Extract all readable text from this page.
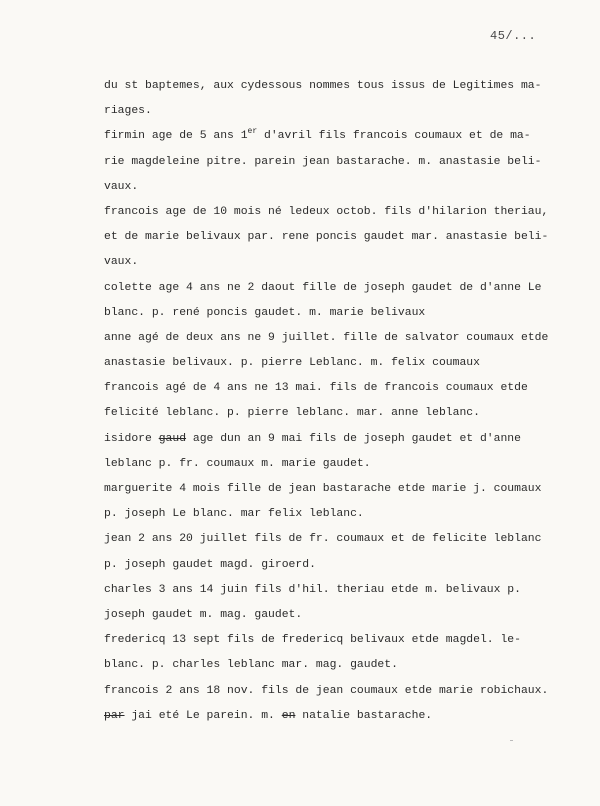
45/...
du st baptemes, aux cydessous nommes tous issus de Legitimes ma-
riages.
firmin age de 5 ans 1er d'avril fils francois coumaux et de ma-
rie magdeleine pitre. parein jean bastarache. m. anastasie beli-
vaux.
francois age de 10 mois né ledeux octob. fils d'hilarion theriau,
et de marie belivaux par. rene poncis gaudet mar. anastasie beli-
vaux.
colette age 4 ans ne 2 daout fille de joseph gaudet de d'anne Le
blanc. p. rené poncis gaudet. m. marie belivaux
anne agé de deux ans ne 9 juillet. fille de salvator coumaux etde
anastasie belivaux. p. pierre Leblanc. m. felix coumaux
francois agé de 4 ans ne 13 mai. fils de francois coumaux etde
felicité leblanc. p. pierre leblanc. mar. anne leblanc.
isidore gaud age dun an 9 mai fils de joseph gaudet et d'anne
leblanc p. fr. coumaux m. marie gaudet.
marguerite 4 mois fille de jean bastarache etde marie j. coumaux
p. joseph Le blanc. mar felix leblanc.
jean 2 ans 20 juillet fils de fr. coumaux et de felicite leblanc
p. joseph gaudet magd. giroerd.
charles 3 ans 14 juin fils d'hil. theriau etde m. belivaux p.
joseph gaudet m. mag. gaudet.
fredericq 13 sept fils de fredericq belivaux etde magdel. le-
blanc. p. charles leblanc mar. mag. gaudet.
francois 2 ans 18 nov. fils de jean coumaux etde marie robichaux.
par jai eté Le parein. m. en natalie bastarache.
